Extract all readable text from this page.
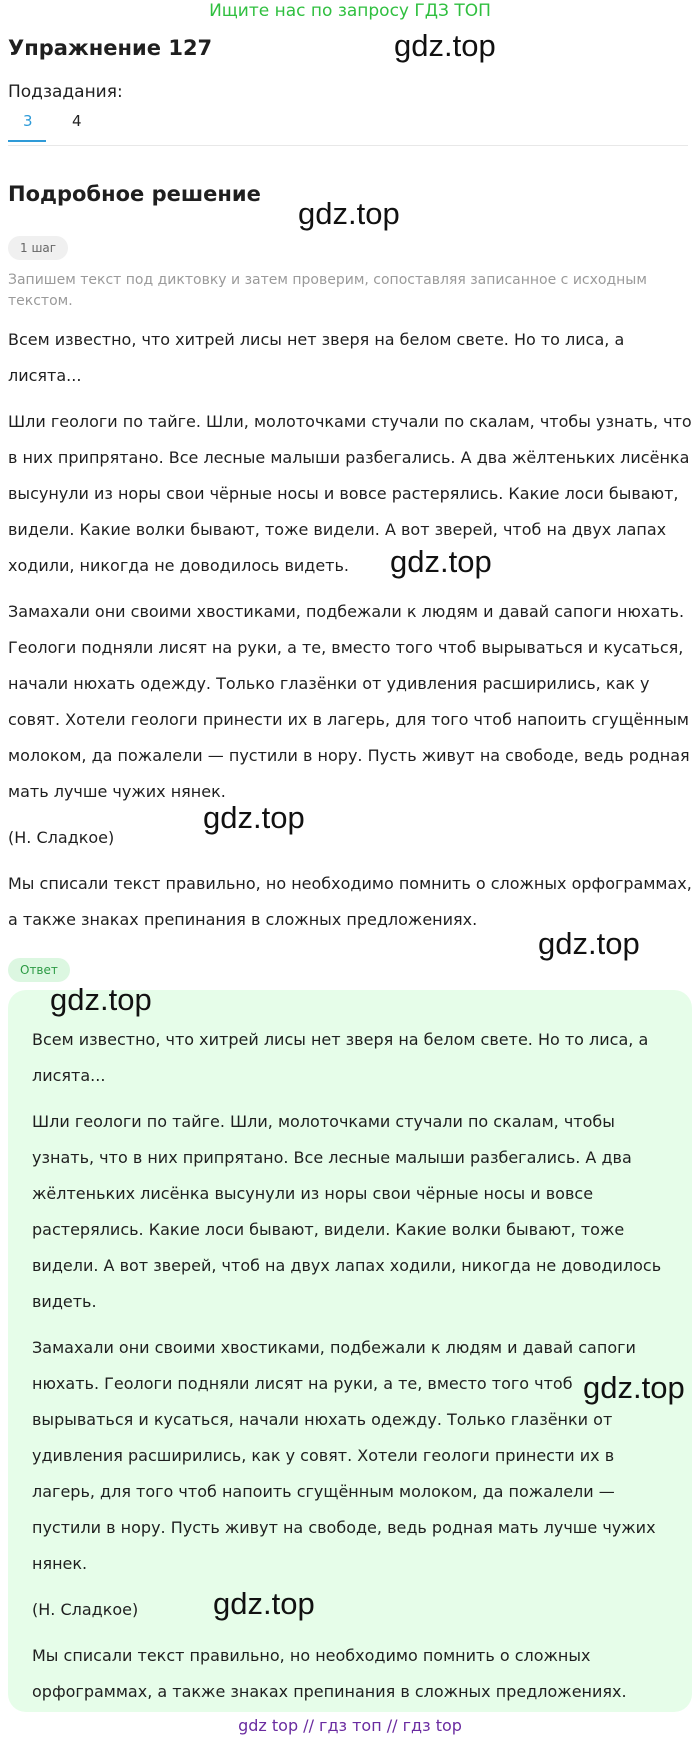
Ищите нас по запросу ГДЗ ТОП
Упражнение 127	gdz.top
Подзадания:
3	4
Подробное решение
gdz.top
1 шаг

Запишем текст под диктовку и затем проверим, сопоставляя записанное с исходным текстом.

Всем известно, что хитрей лисы нет зверя на белом свете. Но то лиса, а лисята...

Шли геологи по тайге. Шли, молоточками стучали по скалам, чтобы узнать, что в них припрятано. Все лесные малыши разбегались. А два жёлтеньких лисёнка высунули из норы свои чёрные носы и вовсе растерялись. Какие лоси бывают, видели. Какие волки бывают, тоже видели. А вот зверей, чтоб на двух лапах ходили, никогда не доводилось видеть.

Замахали они своими хвостиками, подбежали к людям и давай сапоги нюхать. Геологи подняли лисят на руки, а те, вместо того чтоб вырываться и кусаться, начали нюхать одежду. Только глазёнки от удивления расширились, как у совят. Хотели геологи принести их в лагерь, для того чтоб напоить сгущённым молоком, да пожалели — пустили в нору. Пусть живут на свободе, ведь родная мать лучше чужих нянек.

(Н. Сладкое)

Мы списали текст правильно, но необходимо помнить о сложных орфограммах, а также знаках препинания в сложных предложениях.

gdz.top
gdz.top
gdz.top
Ответ

Всем известно, что хитрей лисы нет зверя на белом свете. Но то лиса, а лисята...

Шли геологи по тайге. Шли, молоточками стучали по скалам, чтобы узнать, что в них припрятано. Все лесные малыши разбегались. А два жёлтеньких лисёнка высунули из норы свои чёрные носы и вовсе растерялись. Какие лоси бывают, видели. Какие волки бывают, тоже видели. А вот зверей, чтоб на двух лапах ходили, никогда не доводилось видеть.

Замахали они своими хвостиками, подбежали к людям и давай сапоги нюхать. Геологи подняли лисят на руки, а те, вместо того чтоб вырываться и кусаться, начали нюхать одежду. Только глазёнки от удивления расширились, как у совят. Хотели геологи принести их в лагерь, для того чтоб напоить сгущённым молоком, да пожалели — пустили в нору. Пусть живут на свободе, ведь родная мать лучше чужих нянек.

(Н. Сладкое)

Мы списали текст правильно, но необходимо помнить о сложных орфограммах, а также знаках препинания в сложных предложениях.

gdz.top
gdz.top
gdz.top
gdz top // гдз топ // гдз top
